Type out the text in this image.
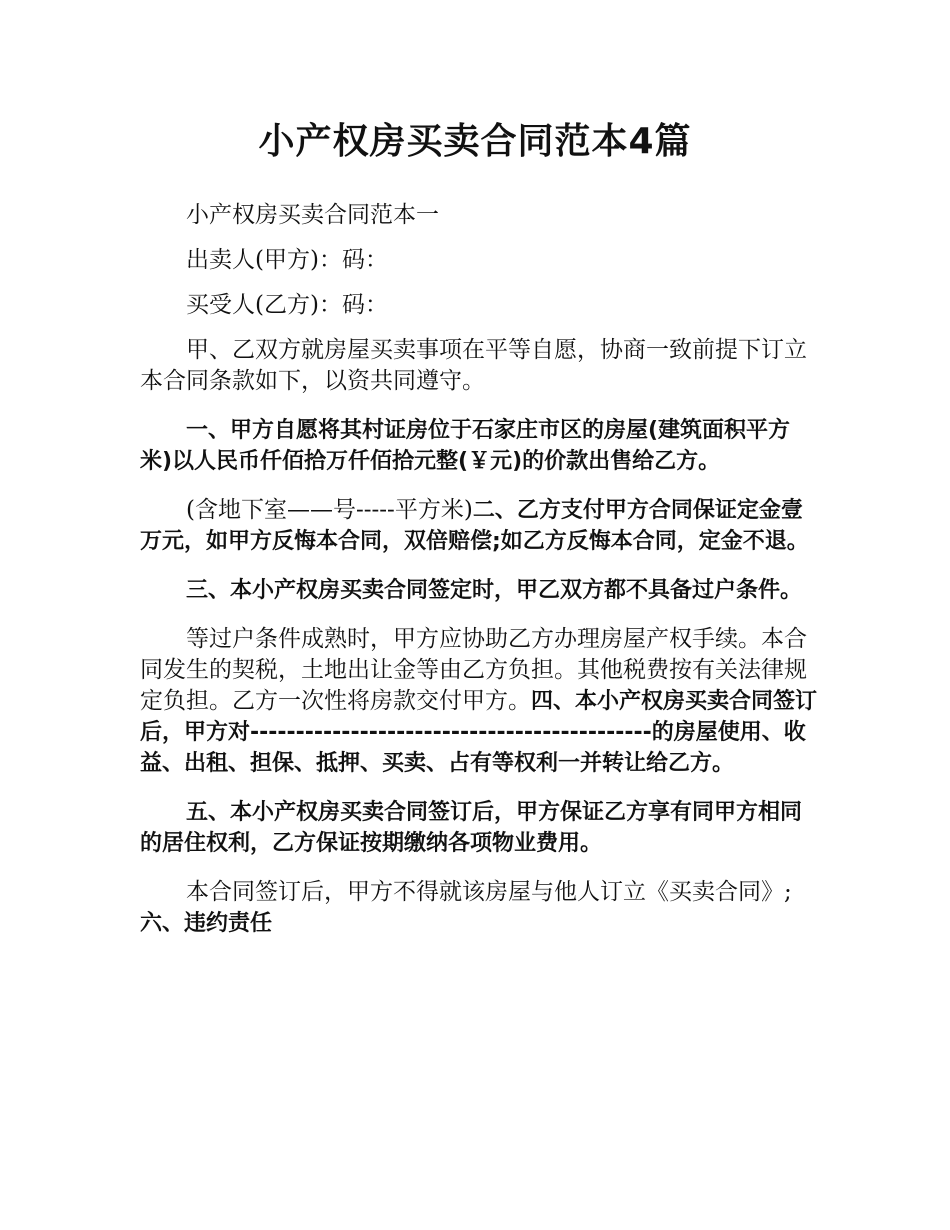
小产权房买卖合同范本4篇

小产权房买卖合同范本一

出卖人(甲方)：码：

买受人(乙方)：码：

甲、乙双方就房屋买卖事项在平等自愿，协商一致前提下订立本合同条款如下，以资共同遵守。

一、甲方自愿将其村证房位于石家庄市区的房屋(建筑面积平方米)以人民币仟佰拾万仟佰拾元整(￥元)的价款出售给乙方。

(含地下室——号-----平方米)二、乙方支付甲方合同保证定金壹万元，如甲方反悔本合同，双倍赔偿;如乙方反悔本合同，定金不退。

三、本小产权房买卖合同签定时，甲乙双方都不具备过户条件。

等过户条件成熟时，甲方应协助乙方办理房屋产权手续。本合同发生的契税，土地出让金等由乙方负担。其他税费按有关法律规定负担。乙方一次性将房款交付甲方。四、本小产权房买卖合同签订后，甲方对--------------------------------------------的房屋使用、收益、出租、担保、抵押、买卖、占有等权利一并转让给乙方。

五、本小产权房买卖合同签订后，甲方保证乙方享有同甲方相同的居住权利，乙方保证按期缴纳各项物业费用。

本合同签订后，甲方不得就该房屋与他人订立《买卖合同》;六、违约责任
